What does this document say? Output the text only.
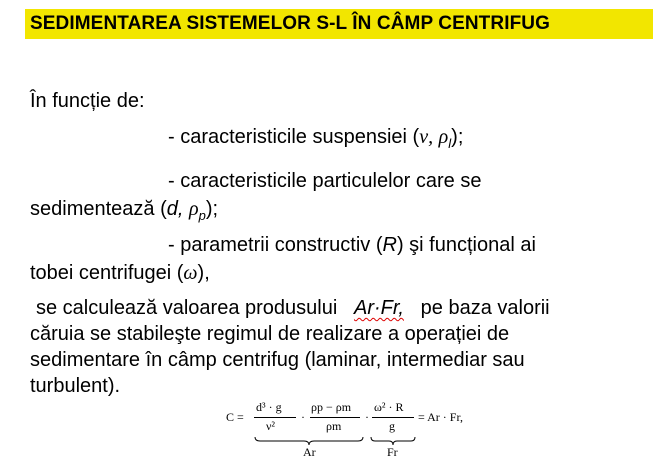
SEDIMENTAREA SISTEMELOR S-L ÎN CÂMP CENTRIFUG
În funcție de:
- caracteristicile suspensiei (ν, $\rho_l$);
- caracteristicile particulelor care se
sedimentează (d, $\rho_p$);
- parametrii constructiv (R) şi funcțional ai
tobei centrifugei (ω),
se calculează valoarea produsului Ar·Fr, pe baza valorii
căruia se stabileşte regimul de realizare a operației de
sedimentare în câmp centrifug (laminar, intermediar sau
turbulent).
C =
d³ · g
ν²
·
ρp − ρm
ρm
·
ω² · R
g
= Ar · Fr,
Ar	Fr
